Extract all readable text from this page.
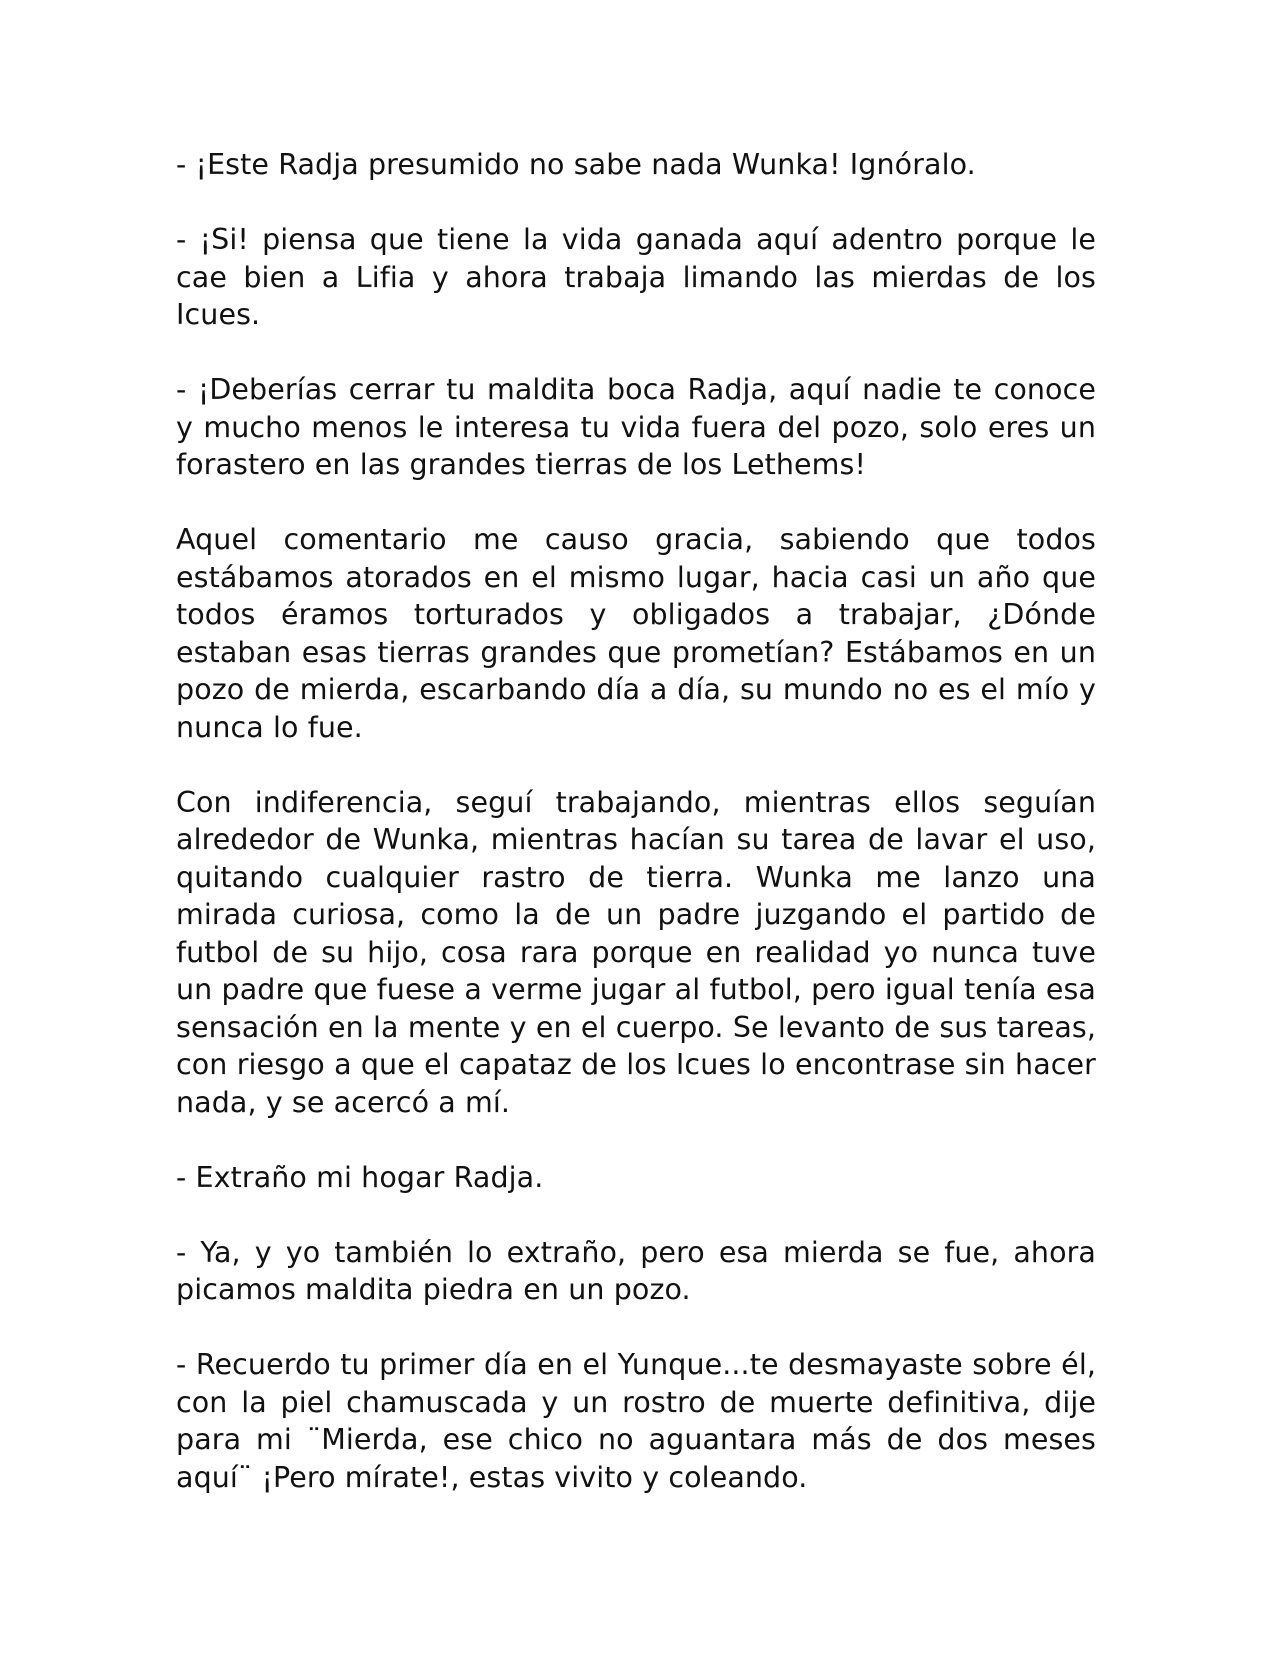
- ¡Este Radja presumido no sabe nada Wunka! Ignóralo.

- ¡Si! piensa que tiene la vida ganada aquí adentro porque le cae bien a Lifia y ahora trabaja limando las mierdas de los Icues.

- ¡Deberías cerrar tu maldita boca Radja, aquí nadie te conoce y mucho menos le interesa tu vida fuera del pozo, solo eres un forastero en las grandes tierras de los Lethems!

Aquel comentario me causo gracia, sabiendo que todos estábamos atorados en el mismo lugar, hacia casi un año que todos éramos torturados y obligados a trabajar, ¿Dónde estaban esas tierras grandes que prometían? Estábamos en un pozo de mierda, escarbando día a día, su mundo no es el mío y nunca lo fue.

Con indiferencia, seguí trabajando, mientras ellos seguían alrededor de Wunka, mientras hacían su tarea de lavar el uso, quitando cualquier rastro de tierra. Wunka me lanzo una mirada curiosa, como la de un padre juzgando el partido de futbol de su hijo, cosa rara porque en realidad yo nunca tuve un padre que fuese a verme jugar al futbol, pero igual tenía esa sensación en la mente y en el cuerpo. Se levanto de sus tareas, con riesgo a que el capataz de los Icues lo encontrase sin hacer nada, y se acercó a mí.

- Extraño mi hogar Radja.

- Ya, y yo también lo extraño, pero esa mierda se fue, ahora picamos maldita piedra en un pozo.

- Recuerdo tu primer día en el Yunque...te desmayaste sobre él, con la piel chamuscada y un rostro de muerte definitiva, dije para mi ¨Mierda, ese chico no aguantara más de dos meses aquí¨ ¡Pero mírate!, estas vivito y coleando.
